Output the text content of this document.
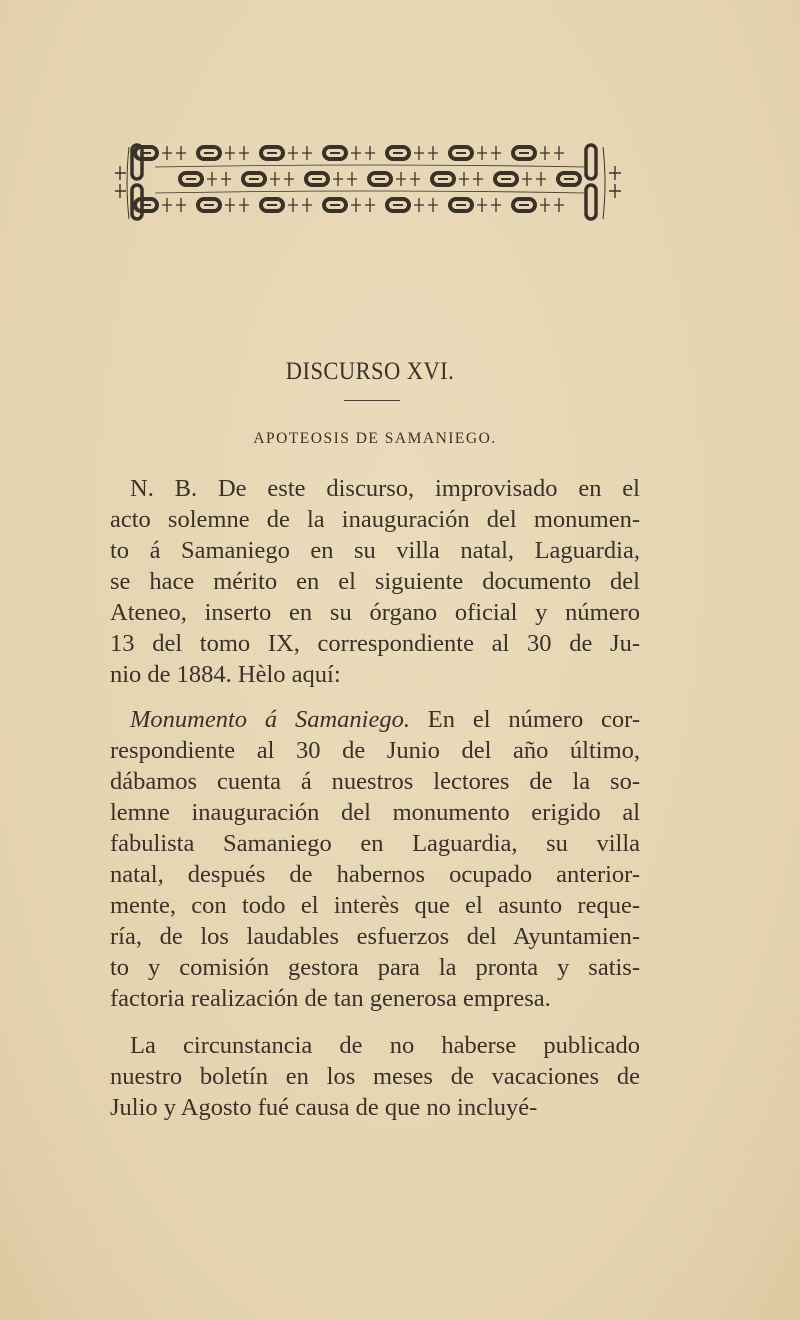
DISCURSO XVI.
APOTEOSIS DE SAMANIEGO.
N. B. De este discurso, improvisado en el
acto solemne de la inauguración del monumen-
to á Samaniego en su villa natal, Laguardia,
se hace mérito en el siguiente documento del
Ateneo, inserto en su órgano oficial y número
13 del tomo IX, correspondiente al 30 de Ju-
nio de 1884. Hèlo aquí:
Monumento á Samaniego. En el número cor-
respondiente al 30 de Junio del año último,
dábamos cuenta á nuestros lectores de la so-
lemne inauguración del monumento erigido al
fabulista Samaniego en Laguardia, su villa
natal, después de habernos ocupado anterior-
mente, con todo el interès que el asunto reque-
ría, de los laudables esfuerzos del Ayuntamien-
to y comisión gestora para la pronta y satis-
factoria realización de tan generosa empresa.
La circunstancia de no haberse publicado
nuestro boletín en los meses de vacaciones de
Julio y Agosto fué causa de que no incluyé-
